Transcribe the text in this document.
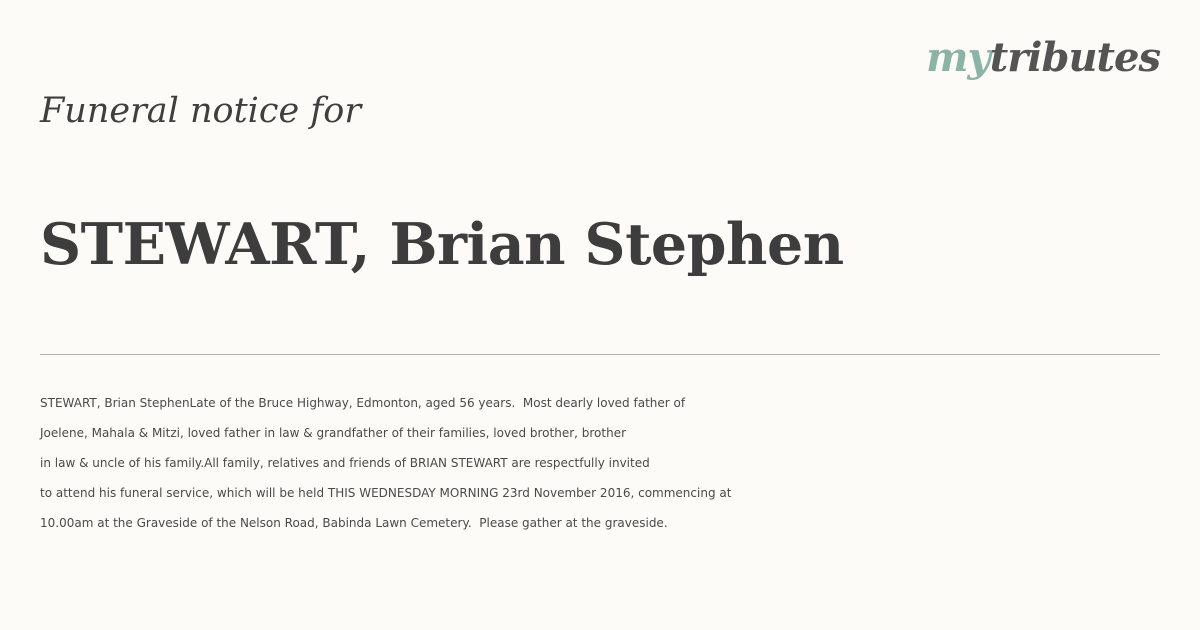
mytributes
Funeral notice for
STEWART, Brian Stephen

STEWART, Brian StephenLate of the Bruce Highway, Edmonton, aged 56 years.  Most dearly loved father of
Joelene, Mahala & Mitzi, loved father in law & grandfather of their families, loved brother, brother
in law & uncle of his family.All family, relatives and friends of BRIAN STEWART are respectfully invited
to attend his funeral service, which will be held THIS WEDNESDAY MORNING 23rd November 2016, commencing at
10.00am at the Graveside of the Nelson Road, Babinda Lawn Cemetery.  Please gather at the graveside.
